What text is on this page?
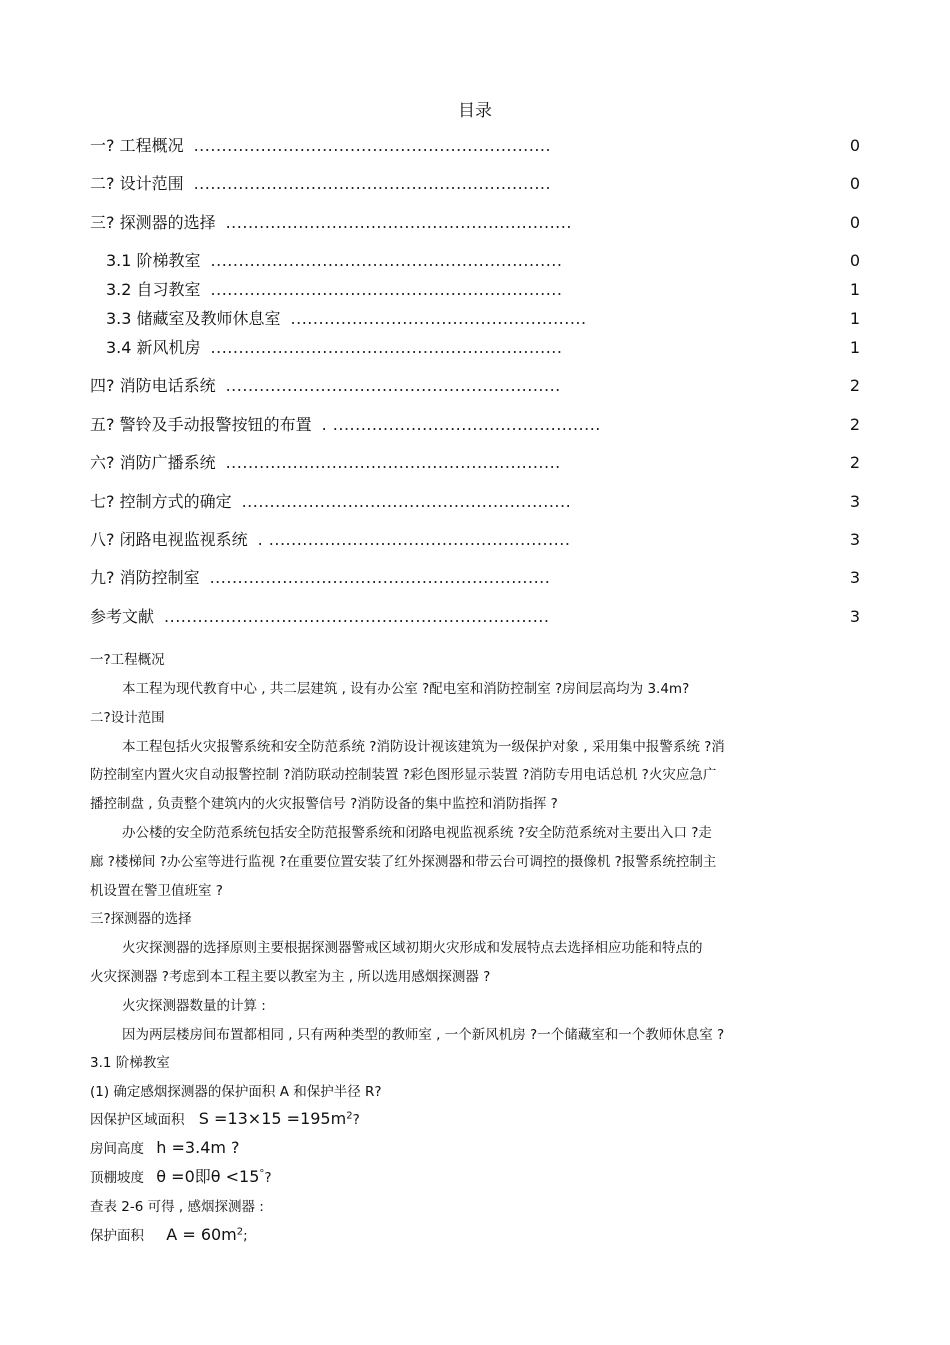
目录
一? 工程概况 ................................................................	0
二? 设计范围 ................................................................	0
三? 探测器的选择 ..............................................................	0
3.1 阶梯教室 ...............................................................	0
3.2 自习教室 ...............................................................	1
3.3 储藏室及教师休息室 .....................................................	1
3.4 新风机房 ...............................................................	1
四? 消防电话系统 ............................................................	2
五? 警铃及手动报警按钮的布置 . ................................................	2
六? 消防广播系统 ............................................................	2
七? 控制方式的确定 ...........................................................	3
八? 闭路电视监视系统 . ......................................................	3
九? 消防控制室 .............................................................	3
参考文献 .....................................................................	3
一?工程概况
本工程为现代教育中心 , 共二层建筑 , 设有办公室 ?配电室和消防控制室 ?房间层高均为 3.4m?
二?设计范围
本工程包括火灾报警系统和安全防范系统 ?消防设计视该建筑为一级保护对象 , 采用集中报警系统 ?消
防控制室内置火灾自动报警控制 ?消防联动控制装置 ?彩色图形显示装置 ?消防专用电话总机 ?火灾应急广
播控制盘 , 负责整个建筑内的火灾报警信号 ?消防设备的集中监控和消防指挥 ?
办公楼的安全防范系统包括安全防范报警系统和闭路电视监视系统 ?安全防范系统对主要出入口 ?走
廊 ?楼梯间 ?办公室等进行监视 ?在重要位置安装了红外探测器和带云台可调控的摄像机 ?报警系统控制主
机设置在警卫值班室 ?
三?探测器的选择
火灾探测器的选择原则主要根据探测器警戒区域初期火灾形成和发展特点去选择相应功能和特点的
火灾探测器 ?考虑到本工程主要以教室为主 , 所以选用感烟探测器 ?
火灾探测器数量的计算 :
因为两层楼房间布置都相同 , 只有两种类型的教师室 , 一个新风机房 ?一个储藏室和一个教师休息室 ?
3.1 阶梯教室
(1) 确定感烟探测器的保护面积 A 和保护半径 R?
因保护区域面积 $S =13\times 15 =195m^2$?
房间高度 h =3.4m ?
顶棚坡度 θ =0即θ <15°?
查表 2-6 可得 , 感烟探测器 :
保护面积 $A = 60m^2$;
